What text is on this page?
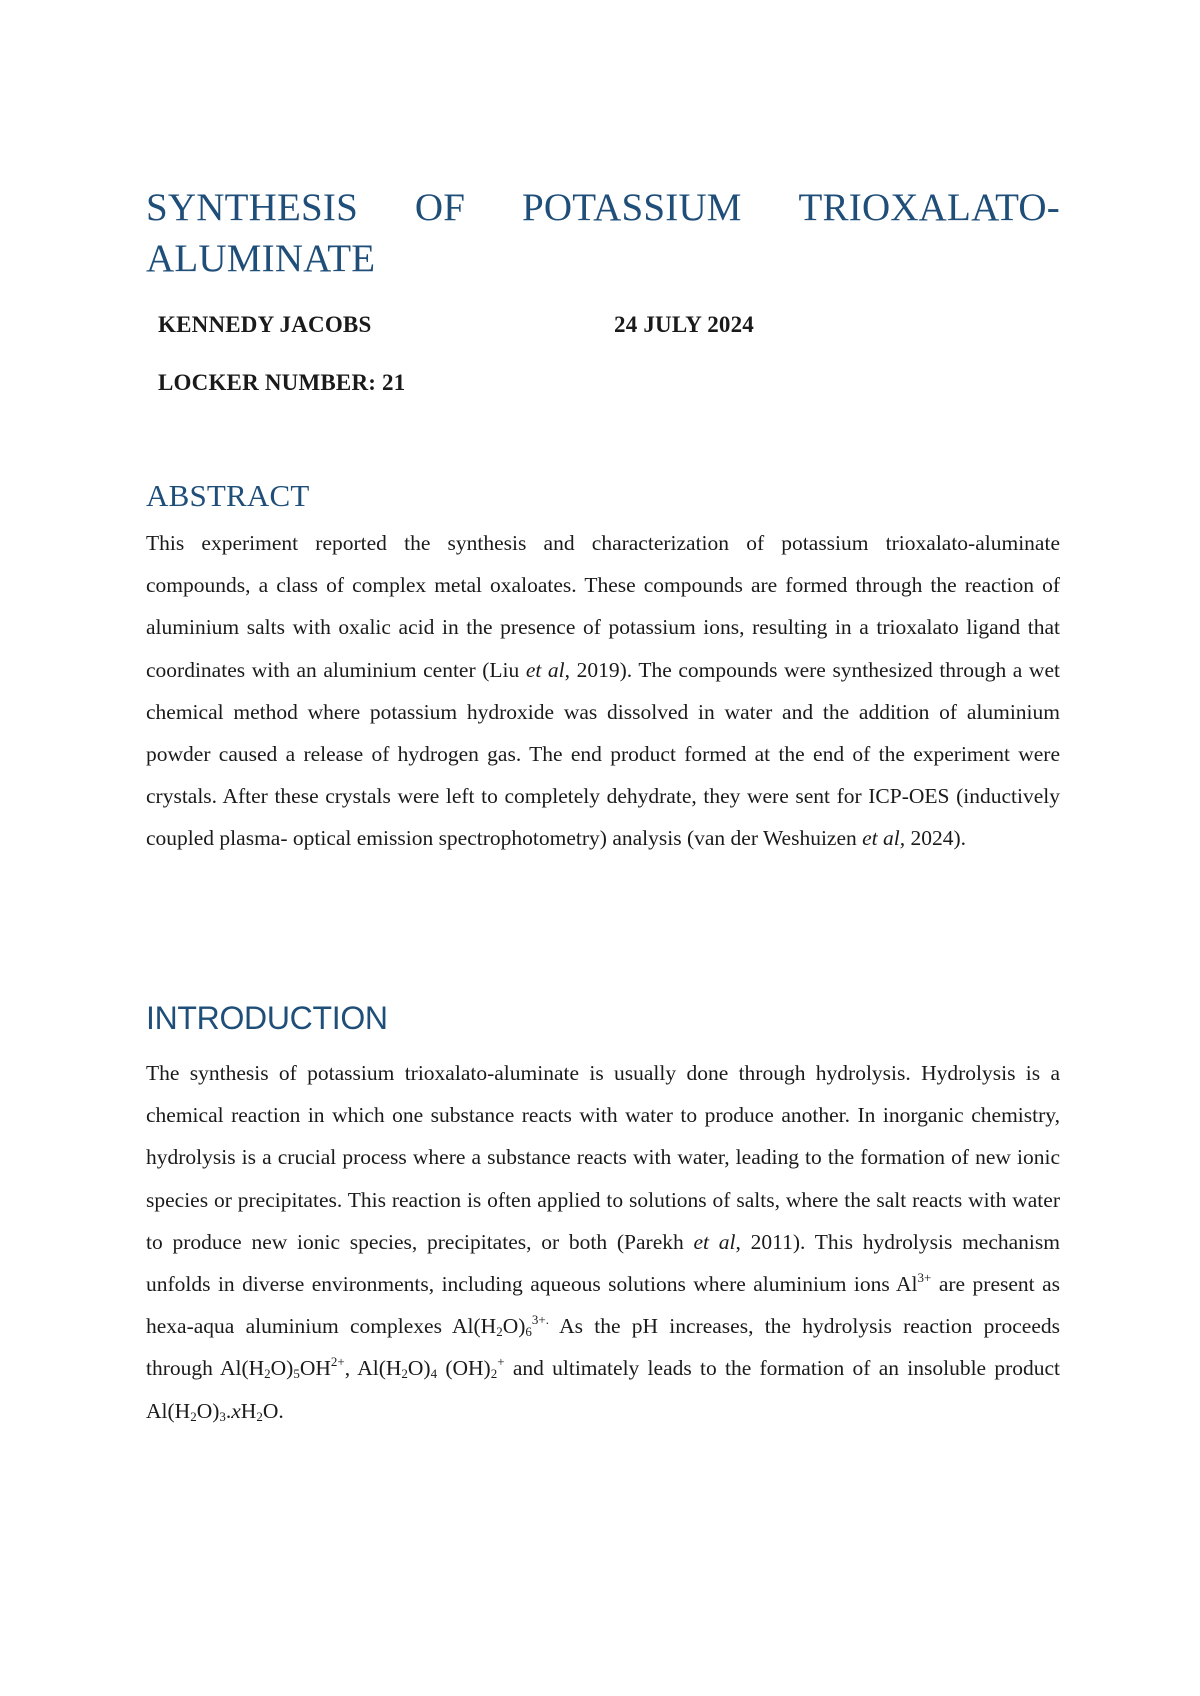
SYNTHESIS OF POTASSIUM TRIOXALATO-
ALUMINATE
KENNEDY JACOBS	24 JULY 2024
LOCKER NUMBER: 21
ABSTRACT

This experiment reported the synthesis and characterization of potassium trioxalato-aluminate compounds, a class of complex metal oxaloates. These compounds are formed through the reaction of aluminium salts with oxalic acid in the presence of potassium ions, resulting in a trioxalato ligand that coordinates with an aluminium center (Liu et al, 2019). The compounds were synthesized through a wet chemical method where potassium hydroxide was dissolved in water and the addition of aluminium powder caused a release of hydrogen gas. The end product formed at the end of the experiment were crystals. After these crystals were left to completely dehydrate, they were sent for ICP-OES (inductively coupled plasma- optical emission spectrophotometry) analysis (van der Weshuizen et al, 2024).

INTRODUCTION

The synthesis of potassium trioxalato-aluminate is usually done through hydrolysis. Hydrolysis is a chemical reaction in which one substance reacts with water to produce another. In inorganic chemistry, hydrolysis is a crucial process where a substance reacts with water, leading to the formation of new ionic species or precipitates. This reaction is often applied to solutions of salts, where the salt reacts with water to produce new ionic species, precipitates, or both (Parekh et al, 2011). This hydrolysis mechanism unfolds in diverse environments, including aqueous solutions where aluminium ions $Al^{3+}$ are present as hexa-aqua aluminium complexes $Al(H_2O)_6^{3+.}$ As the pH increases, the hydrolysis reaction proceeds through $Al(H_2O)_5OH^{2+}$, $Al(H_2O)_4$ $(OH)_2^+$ and ultimately leads to the formation of an insoluble product $Al(H_2O)_3.xH_2O$.
